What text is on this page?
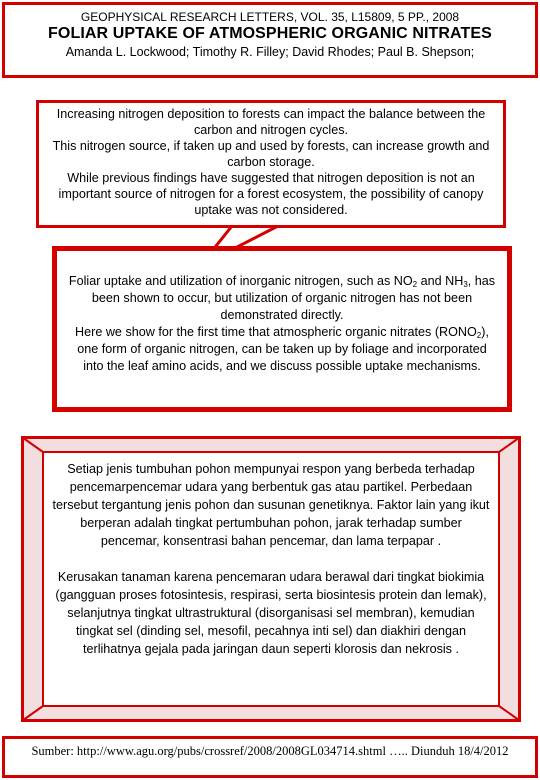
GEOPHYSICAL RESEARCH LETTERS, VOL. 35, L15809, 5 PP., 2008
FOLIAR UPTAKE OF ATMOSPHERIC ORGANIC NITRATES
Amanda L. Lockwood; Timothy R. Filley; David Rhodes; Paul B. Shepson;

Increasing nitrogen deposition to forests can impact the balance between the carbon and nitrogen cycles.

This nitrogen source, if taken up and used by forests, can increase growth and carbon storage.

While previous findings have suggested that nitrogen deposition is not an important source of nitrogen for a forest ecosystem, the possibility of canopy uptake was not considered.

Foliar uptake and utilization of inorganic nitrogen, such as $NO_2$ and $NH_3$, has been shown to occur, but utilization of organic nitrogen has not been demonstrated directly.

Here we show for the first time that atmospheric organic nitrates $(RONO_2)$, one form of organic nitrogen, can be taken up by foliage and incorporated into the leaf amino acids, and we discuss possible uptake mechanisms.

Setiap jenis tumbuhan pohon mempunyai respon yang berbeda terhadap pencemarpencemar udara yang berbentuk gas atau partikel. Perbedaan tersebut tergantung jenis pohon dan susunan genetiknya. Faktor lain yang ikut berperan adalah tingkat pertumbuhan pohon, jarak terhadap sumber pencemar, konsentrasi bahan pencemar, dan lama terpapar .

Kerusakan tanaman karena pencemaran udara berawal dari tingkat biokimia (gangguan proses fotosintesis, respirasi, serta biosintesis protein dan lemak), selanjutnya tingkat ultrastruktural (disorganisasi sel membran), kemudian tingkat sel (dinding sel, mesofil, pecahnya inti sel) dan diakhiri dengan terlihatnya gejala pada jaringan daun seperti klorosis dan nekrosis .

Sumber: http://www.agu.org/pubs/crossref/2008/2008GL034714.shtml ….. Diunduh 18/4/2012
